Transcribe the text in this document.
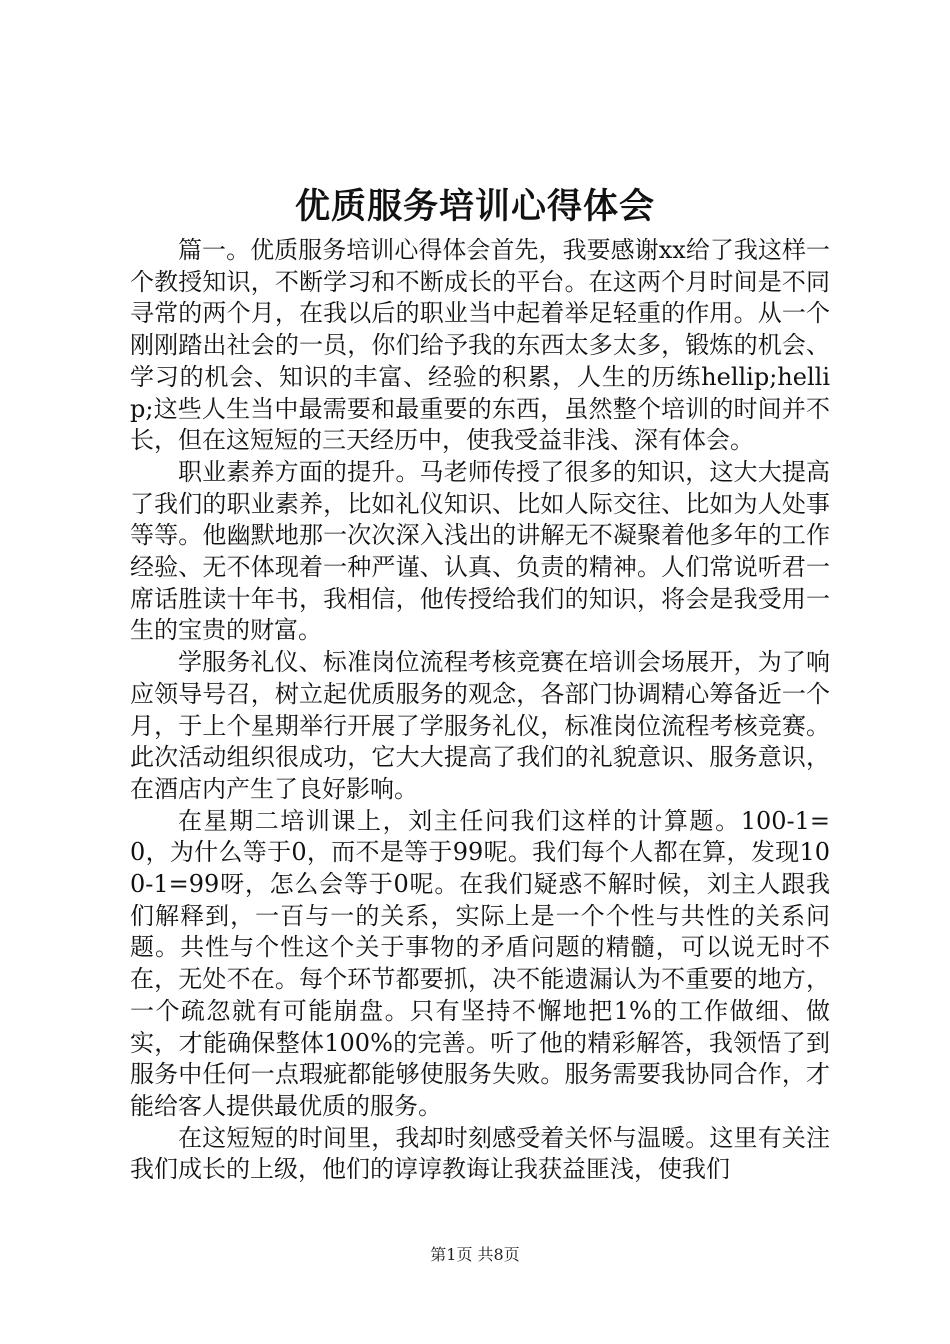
优质服务培训心得体会

篇一。优质服务培训心得体会首先，我要感谢xx给了我这样一个教授知识，不断学习和不断成长的平台。在这两个月时间是不同寻常的两个月，在我以后的职业当中起着举足轻重的作用。从一个刚刚踏出社会的一员，你们给予我的东西太多太多，锻炼的机会、学习的机会、知识的丰富、经验的积累，人生的历练hellip;hellip;这些人生当中最需要和最重要的东西，虽然整个培训的时间并不长，但在这短短的三天经历中，使我受益非浅、深有体会。

职业素养方面的提升。马老师传授了很多的知识，这大大提高了我们的职业素养，比如礼仪知识、比如人际交往、比如为人处事等等。他幽默地那一次次深入浅出的讲解无不凝聚着他多年的工作经验、无不体现着一种严谨、认真、负责的精神。人们常说听君一席话胜读十年书，我相信，他传授给我们的知识，将会是我受用一生的宝贵的财富。

学服务礼仪、标准岗位流程考核竞赛在培训会场展开，为了响应领导号召，树立起优质服务的观念，各部门协调精心筹备近一个月，于上个星期举行开展了学服务礼仪，标准岗位流程考核竞赛。此次活动组织很成功，它大大提高了我们的礼貌意识、服务意识，在酒店内产生了良好影响。

在星期二培训课上，刘主任问我们这样的计算题。100-1=0，为什么等于0，而不是等于99呢。我们每个人都在算，发现100-1=99呀，怎么会等于0呢。在我们疑惑不解时候，刘主人跟我们解释到，一百与一的关系，实际上是一个个性与共性的关系问题。共性与个性这个关于事物的矛盾问题的精髓，可以说无时不在，无处不在。每个环节都要抓，决不能遗漏认为不重要的地方，一个疏忽就有可能崩盘。只有坚持不懈地把1%的工作做细、做实，才能确保整体100%的完善。听了他的精彩解答，我领悟了到服务中任何一点瑕疵都能够使服务失败。服务需要我协同合作，才能给客人提供最优质的服务。

在这短短的时间里，我却时刻感受着关怀与温暖。这里有关注我们成长的上级，他们的谆谆教诲让我获益匪浅，使我们

第1页 共8页
